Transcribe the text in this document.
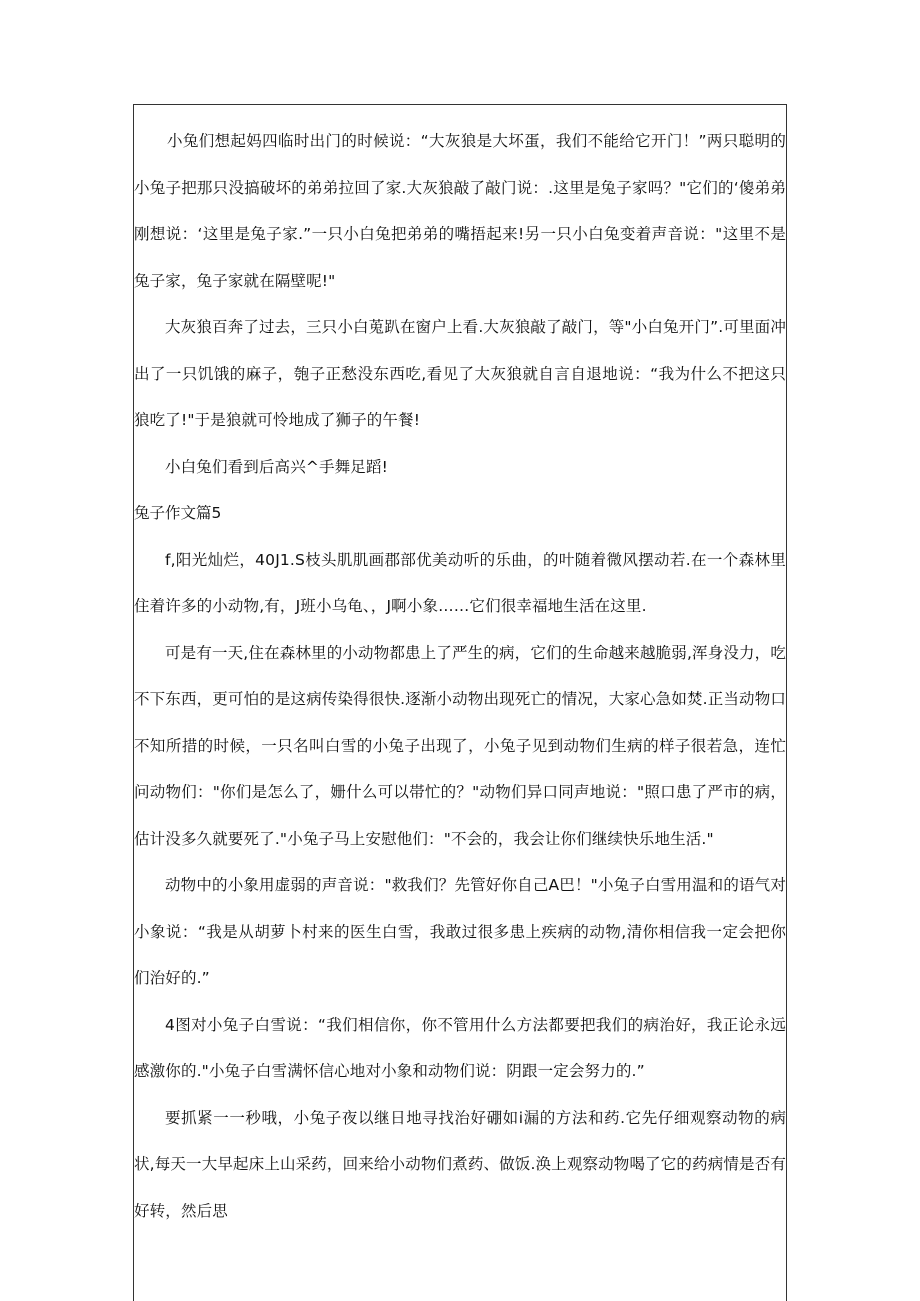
小兔们想起妈四临时出门的时候说：“大灰狼是大坏蛋，我们不能给它开门！”两只聪明的小兔子把那只没搞破坏的弟弟拉回了家.大灰狼敲了敲门说：.这里是兔子家吗？"它们的‘傻弟弟刚想说：‘这里是兔子家.”一只小白兔把弟弟的嘴捂起来!另一只小白兔变着声音说："这里不是兔子家，兔子家就在隔壁呢!"

大灰狼百奔了过去，三只小白莵趴在窗户上看.大灰狼敲了敲门，等"小白兔开门”.可里面冲出了一只饥饿的麻子，匏子正愁没东西吃,看见了大灰狼就自言自退地说：“我为什么不把这只狼吃了!"于是狼就可怜地成了狮子的午餐!

小白兔们看到后高兴^手舞足蹈!

兔子作文篇5

f,阳光灿烂，40J1.S枝头肌肌画郡部优美动听的乐曲，的叶随着微风摆动若.在一个森林里住着许多的小动物,有，J班小乌龟、，J啊小象……它们很幸福地生活在这里.

可是有一天,住在森林里的小动物都患上了严生的病，它们的生命越来越脆弱,浑身没力，吃不下东西，更可怕的是这病传染得很快.逐渐小动物出现死亡的情况，大家心急如焚.正当动物口不知所措的时候，一只名叫白雪的小兔子出现了，小兔子见到动物们生病的样子很若急，连忙问动物们："你们是怎么了，姗什么可以帯忙的？"动物们异口同声地说："照口患了严市的病，估计没多久就要死了."小兔子马上安慰他们："不会的，我会让你们继续快乐地生活."

动物中的小象用虚弱的声音说："救我们？先管好你自己A巴！"小兔子白雪用温和的语气对小象说：“我是从胡萝卜村来的医生白雪，我敢过很多患上疾病的动物,清你相信我一定会把你们治好的.”

4图对小兔子白雪说：“我们相信你，你不管用什么方法都要把我们的病治好，我正论永远感激你的."小兔子白雪满怀信心地对小象和动物们说：阴跟一定会努力的.”

要抓紧一一秒哦，小兔子夜以继日地寻找治好硼如i漏的方法和药.它先仔细观察动物的病状,每天一大早起床上山采药，回来给小动物们煮药、做饭.涣上观察动物喝了它的药病情是否有好转，然后思
